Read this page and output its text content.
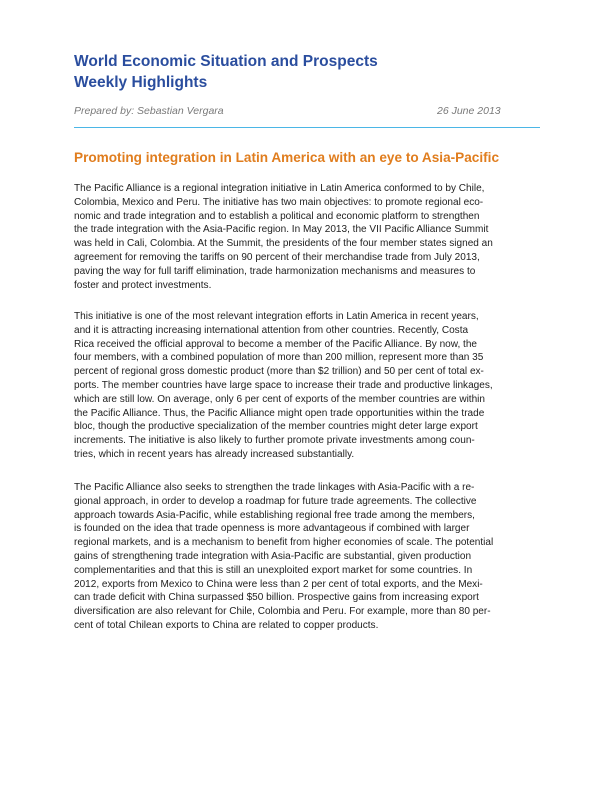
World Economic Situation and Prospects
Weekly Highlights
Prepared by: Sebastian Vergara	26 June 2013
Promoting integration in Latin America with an eye to Asia-Pacific

The Pacific Alliance is a regional integration initiative in Latin America conformed to by Chile,
Colombia, Mexico and Peru. The initiative has two main objectives: to promote regional eco-
nomic and trade integration and to establish a political and economic platform to strengthen
the trade integration with the Asia-Pacific region. In May 2013, the VII Pacific Alliance Summit
was held in Cali, Colombia. At the Summit, the presidents of the four member states signed an
agreement for removing the tariffs on 90 percent of their merchandise trade from July 2013,
paving the way for full tariff elimination, trade harmonization mechanisms and measures to
foster and protect investments.

This initiative is one of the most relevant integration efforts in Latin America in recent years,
and it is attracting increasing international attention from other countries. Recently, Costa
Rica received the official approval to become a member of the Pacific Alliance. By now, the
four members, with a combined population of more than 200 million, represent more than 35
percent of regional gross domestic product (more than $2 trillion) and 50 per cent of total ex-
ports. The member countries have large space to increase their trade and productive linkages,
which are still low. On average, only 6 per cent of exports of the member countries are within
the Pacific Alliance. Thus, the Pacific Alliance might open trade opportunities within the trade
bloc, though the productive specialization of the member countries might deter large export
increments. The initiative is also likely to further promote private investments among coun-
tries, which in recent years has already increased substantially.

The Pacific Alliance also seeks to strengthen the trade linkages with Asia-Pacific with a re-
gional approach, in order to develop a roadmap for future trade agreements. The collective
approach towards Asia-Pacific, while establishing regional free trade among the members,
is founded on the idea that trade openness is more advantageous if combined with larger
regional markets, and is a mechanism to benefit from higher economies of scale. The potential
gains of strengthening trade integration with Asia-Pacific are substantial, given production
complementarities and that this is still an unexploited export market for some countries. In
2012, exports from Mexico to China were less than 2 per cent of total exports, and the Mexi-
can trade deficit with China surpassed $50 billion. Prospective gains from increasing export
diversification are also relevant for Chile, Colombia and Peru. For example, more than 80 per-
cent of total Chilean exports to China are related to copper products.
